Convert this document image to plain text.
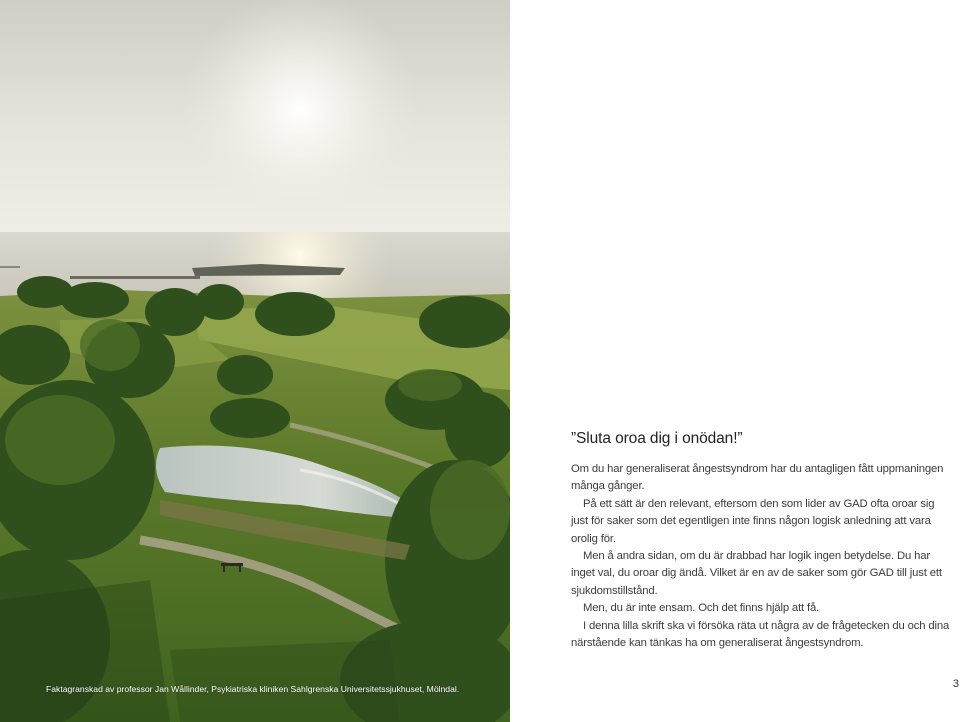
Faktagranskad av professor Jan Wållinder, Psykiatriska kliniken Sahlgrenska Universitetssjukhuset, Mölndal.
”Sluta oroa dig i onödan!”

Om du har generaliserat ångestsyndrom har du antagligen fått uppmaningen många gånger.

På ett sätt är den relevant, eftersom den som lider av GAD ofta oroar sig just för saker som det egentligen inte finns någon logisk anledning att vara orolig för.

Men å andra sidan, om du är drabbad har logik ingen betydelse. Du har inget val, du oroar dig ändå. Vilket är en av de saker som gör GAD till just ett sjukdomstillstånd.

Men, du är inte ensam. Och det finns hjälp att få.

I denna lilla skrift ska vi försöka räta ut några av de frågetecken du och dina närstående kan tänkas ha om generaliserat ångestsyndrom.

3
